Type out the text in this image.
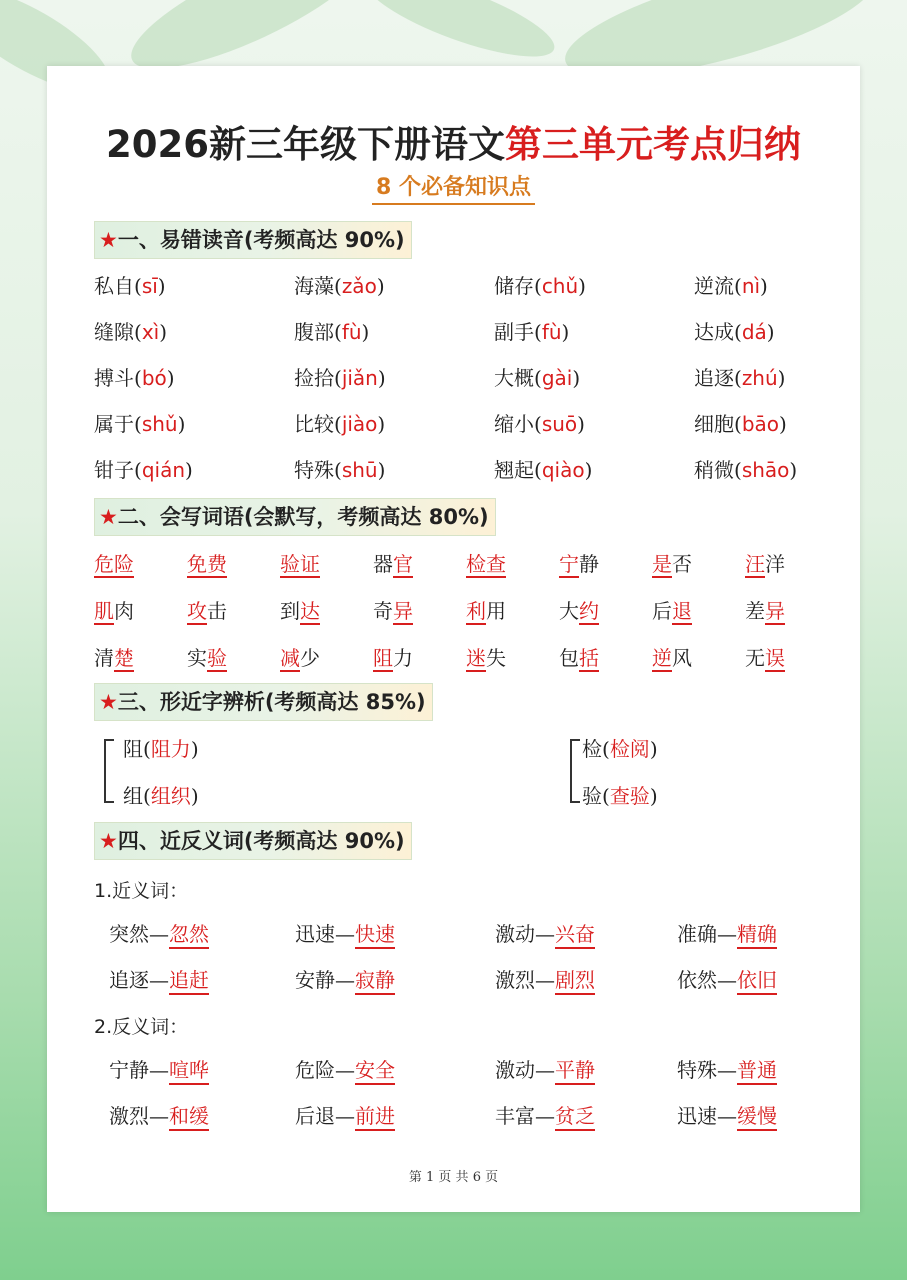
2026新三年级下册语文第三单元考点归纳
8 个必备知识点
★一、易错读音(考频高达 90%)
私自(sī)	海藻(zǎo)	储存(chǔ)	逆流(nì)
缝隙(xì)	腹部(fù)	副手(fù)	达成(dá)
搏斗(bó)	捡拾(jiǎn)	大概(gài)	追逐(zhú)
属于(shǔ)	比较(jiào)	缩小(suō)	细胞(bāo)
钳子(qián)	特殊(shū)	翘起(qiào)	稍微(shāo)
★二、会写词语(会默写，考频高达 80%)
危险	免费	验证	器官	检查	宁静	是否	汪洋
肌肉	攻击	到达	奇异	利用	大约	后退	差异
清楚	实验	减少	阻力	迷失	包括	逆风	无误
★三、形近字辨析(考频高达 85%)
阻(阻力)
组(组织)
检(检阅)
验(查验)
★四、近反义词(考频高达 90%)
1.近义词：
突然—忽然	迅速—快速	激动—兴奋	准确—精确
追逐—追赶	安静—寂静	激烈—剧烈	依然—依旧
2.反义词：
宁静—喧哗	危险—安全	激动—平静	特殊—普通
激烈—和缓	后退—前进	丰富—贫乏	迅速—缓慢
第 1 页 共 6 页
